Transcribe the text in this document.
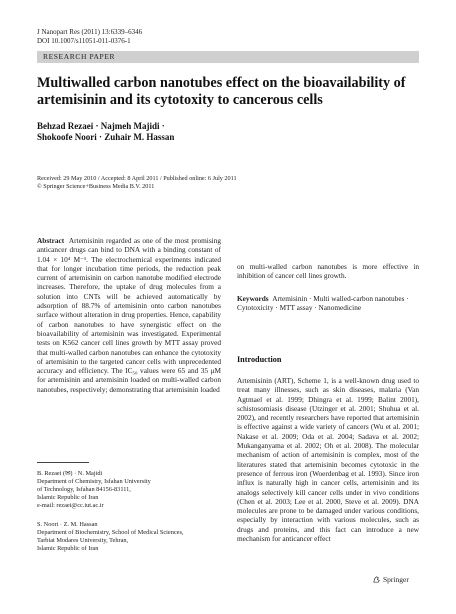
J Nanopart Res (2011) 13:6339–6346
DOI 10.1007/s11051-011-0376-1
RESEARCH PAPER
Multiwalled carbon nanotubes effect on the bioavailability of artemisinin and its cytotoxity to cancerous cells
Behzad Rezaei · Najmeh Majidi ·
Shokoofe Noori · Zuhair M. Hassan
Received: 29 May 2010 / Accepted: 8 April 2011 / Published online: 6 July 2011
© Springer Science+Business Media B.V. 2011
Abstract Artemisinin regarded as one of the most promising anticancer drugs can bind to DNA with a binding constant of 1.04 × 10⁴ M⁻¹. The electrochemical experiments indicated that for longer incubation time periods, the reduction peak current of artemisinin on carbon nanotube modified electrode increases. Therefore, the uptake of drug molecules from a solution into CNTs will be achieved automatically by adsorption of 88.7% of artemisinin onto carbon nanotubes surface without alteration in drug properties. Hence, capability of carbon nanotubes to have synergistic effect on the bioavailability of artemisinin was investigated. Experimental tests on K562 cancer cell lines growth by MTT assay proved that multi-walled carbon nanotubes can enhance the cytotoxity of artemisinin to the targeted cancer cells with unprecedented accuracy and efficiency. The IC₅₀ values were 65 and 35 μM for artemisinin and artemisinin loaded on multi-walled carbon nanotubes, respectively; demonstrating that artemisinin loaded
on multi-walled carbon nanotubes is more effective in inhibition of cancer cell lines growth.
Keywords Artemisinin · Multi walled-carbon nanotubes · Cytotoxicity · MTT assay · Nanomedicine
Introduction
Artemisinin (ART), Scheme 1, is a well-known drug used to treat many illnesses, such as skin diseases, malaria (Van Agtmael et al. 1999; Dhingra et al. 1999; Balint 2001), schistosomiasis disease (Utzinger et al. 2001; Shuhua et al. 2002), and recently researchers have reported that artemisinin is effective against a wide variety of cancers (Wu et al. 2001; Nakase et al. 2009; Oda et al. 2004; Sadava et al. 2002; Mukanganyama et al. 2002; Oh et al. 2008). The molecular mechanism of action of artemisinin is complex, most of the literatures stated that artemisinin becomes cytotoxic in the presence of ferrous iron (Woerdenbag et al. 1993). Since iron influx is naturally high in cancer cells, artemisinin and its analogs selectively kill cancer cells under in vivo conditions (Chen et al. 2003; Lee et al. 2000, Steve et al. 2009). DNA molecules are prone to be damaged under various conditions, especially by interaction with various molecules, such as drugs and proteins, and this fact can introduce a new mechanism for anticancer effect
B. Rezaei (✉) · N. Majidi
Department of Chemistry, Isfahan University
of Technology, Isfahan 84156-83111,
Islamic Republic of Iran
e-mail: rezaei@cc.iut.ac.ir
S. Noori · Z. M. Hassan
Department of Biochemistry, School of Medical Sciences,
Tarbiat Modares University, Tehran,
Islamic Republic of Iran
Springer
